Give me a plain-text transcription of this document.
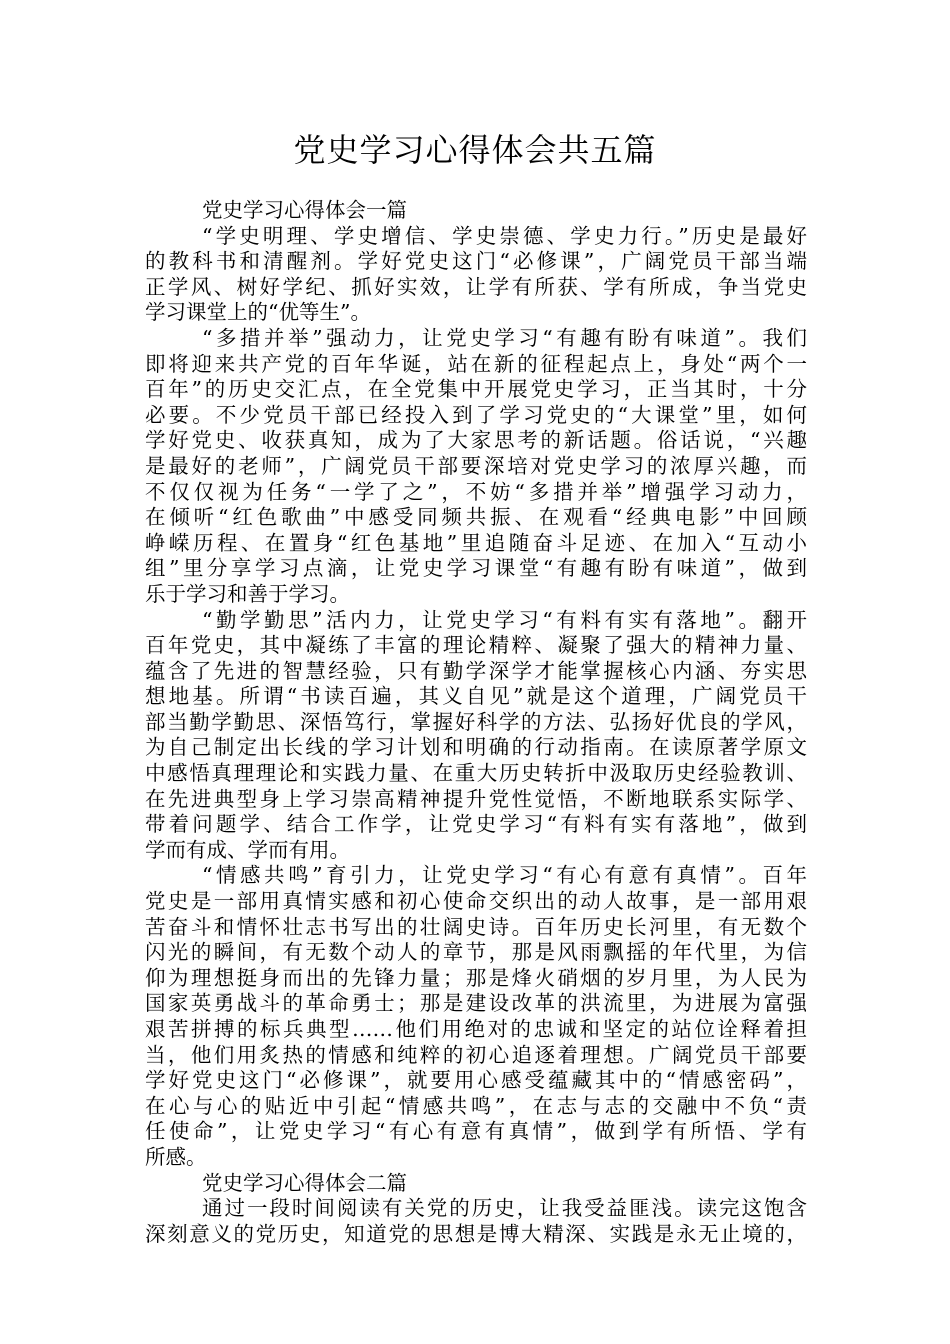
党史学习心得体会共五篇
党史学习心得体会一篇
“学史明理、学史增信、学史崇德、学史力行。”历史是最好
的教科书和清醒剂。学好党史这门“必修课”，广阔党员干部当端
正学风、树好学纪、抓好实效，让学有所获、学有所成，争当党史
学习课堂上的“优等生”。
“多措并举”强动力，让党史学习“有趣有盼有味道”。我们
即将迎来共产党的百年华诞，站在新的征程起点上，身处“两个一
百年”的历史交汇点，在全党集中开展党史学习，正当其时，十分
必要。不少党员干部已经投入到了学习党史的“大课堂”里，如何
学好党史、收获真知，成为了大家思考的新话题。俗话说，“兴趣
是最好的老师”，广阔党员干部要深培对党史学习的浓厚兴趣，而
不仅仅视为任务“一学了之”，不妨“多措并举”增强学习动力，
在倾听“红色歌曲”中感受同频共振、在观看“经典电影”中回顾
峥嵘历程、在置身“红色基地”里追随奋斗足迹、在加入“互动小
组”里分享学习点滴，让党史学习课堂“有趣有盼有味道”，做到
乐于学习和善于学习。
“勤学勤思”活内力，让党史学习“有料有实有落地”。翻开
百年党史，其中凝练了丰富的理论精粹、凝聚了强大的精神力量、
蕴含了先进的智慧经验，只有勤学深学才能掌握核心内涵、夯实思
想地基。所谓“书读百遍，其义自见”就是这个道理，广阔党员干
部当勤学勤思、深悟笃行，掌握好科学的方法、弘扬好优良的学风，
为自己制定出长线的学习计划和明确的行动指南。在读原著学原文
中感悟真理理论和实践力量、在重大历史转折中汲取历史经验教训、
在先进典型身上学习崇高精神提升党性觉悟，不断地联系实际学、
带着问题学、结合工作学，让党史学习“有料有实有落地”，做到
学而有成、学而有用。
“情感共鸣”育引力，让党史学习“有心有意有真情”。百年
党史是一部用真情实感和初心使命交织出的动人故事，是一部用艰
苦奋斗和情怀壮志书写出的壮阔史诗。百年历史长河里，有无数个
闪光的瞬间，有无数个动人的章节，那是风雨飘摇的年代里，为信
仰为理想挺身而出的先锋力量；那是烽火硝烟的岁月里，为人民为
国家英勇战斗的革命勇士；那是建设改革的洪流里，为进展为富强
艰苦拼搏的标兵典型……他们用绝对的忠诚和坚定的站位诠释着担
当，他们用炙热的情感和纯粹的初心追逐着理想。广阔党员干部要
学好党史这门“必修课”，就要用心感受蕴藏其中的“情感密码”，
在心与心的贴近中引起“情感共鸣”，在志与志的交融中不负“责
任使命”，让党史学习“有心有意有真情”，做到学有所悟、学有
所感。
党史学习心得体会二篇
通过一段时间阅读有关党的历史，让我受益匪浅。读完这饱含
深刻意义的党历史，知道党的思想是博大精深、实践是永无止境的，
